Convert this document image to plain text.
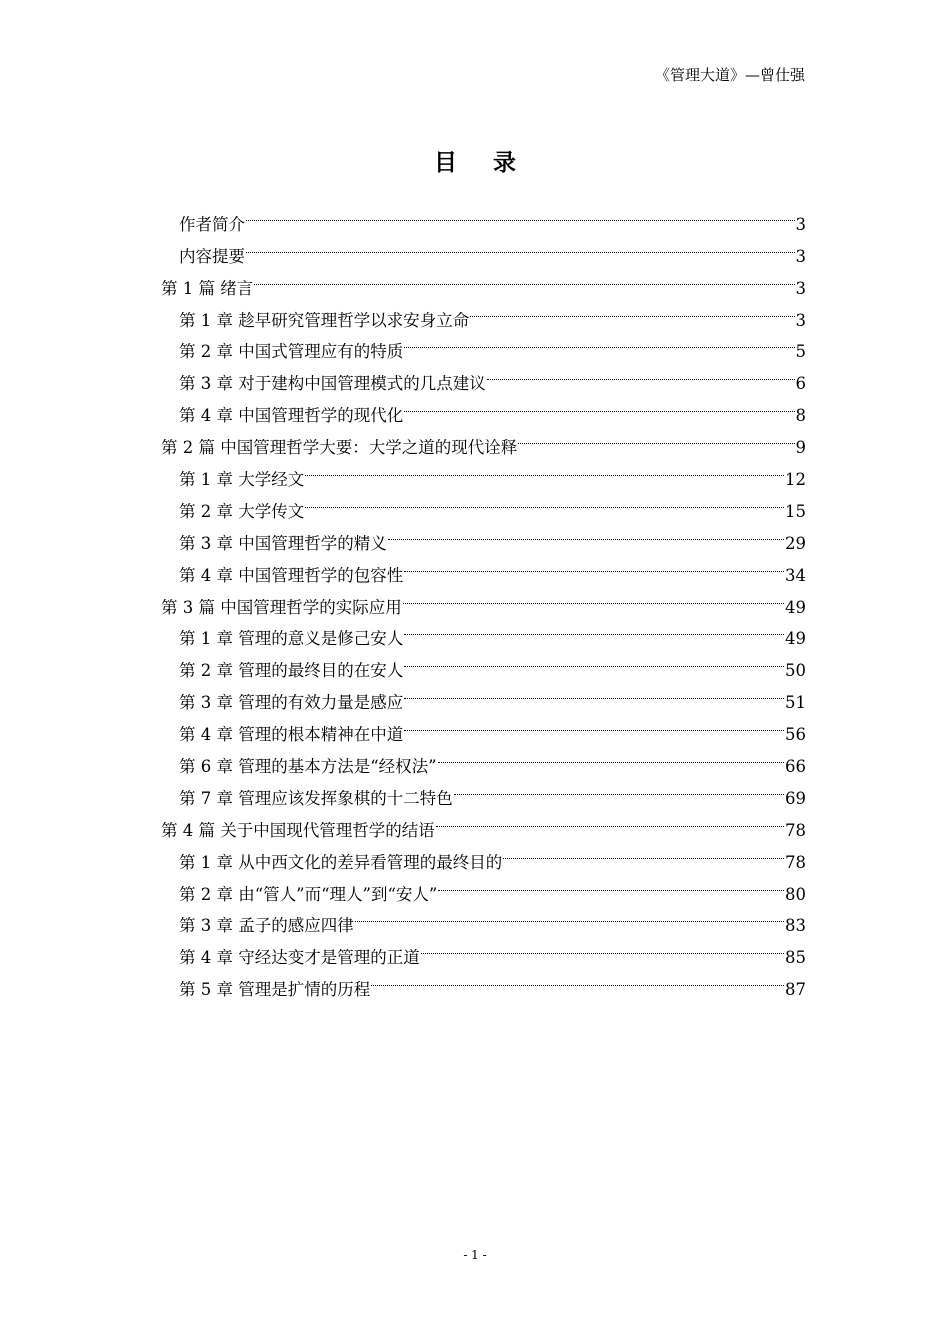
《管理大道》—曾仕强
目 录
作者简介	3
内容提要	3
第 1 篇 绪言	3
第 1 章 趁早研究管理哲学以求安身立命	3
第 2 章 中国式管理应有的特质	5
第 3 章 对于建构中国管理模式的几点建议	6
第 4 章 中国管理哲学的现代化	8
第 2 篇 中国管理哲学大要：大学之道的现代诠释	9
第 1 章 大学经文	12
第 2 章 大学传文	15
第 3 章 中国管理哲学的精义	29
第 4 章 中国管理哲学的包容性	34
第 3 篇 中国管理哲学的实际应用	49
第 1 章 管理的意义是修己安人	49
第 2 章 管理的最终目的在安人	50
第 3 章 管理的有效力量是感应	51
第 4 章 管理的根本精神在中道	56
第 6 章 管理的基本方法是“经权法”	66
第 7 章 管理应该发挥象棋的十二特色	69
第 4 篇 关于中国现代管理哲学的结语	78
第 1 章 从中西文化的差异看管理的最终目的	78
第 2 章 由“管人”而“理人”到“安人”	80
第 3 章 孟子的感应四律	83
第 4 章 守经达变才是管理的正道	85
第 5 章 管理是扩情的历程	87
- 1 -
